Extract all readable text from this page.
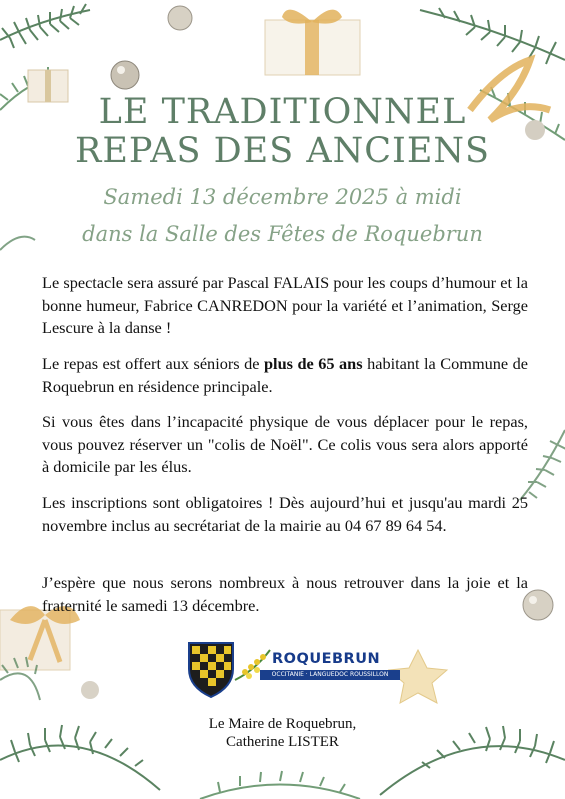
LE TRADITIONNEL
REPAS DES ANCIENS
Samedi 13 décembre 2025 à midi
dans la Salle des Fêtes de Roquebrun
Le spectacle sera assuré par Pascal FALAIS pour les coups d’humour et la bonne humeur, Fabrice CANREDON pour la variété et l’animation, Serge Lescure à la danse !
Le repas est offert aux séniors de plus de 65 ans habitant la Commune de Roquebrun en résidence principale.
Si vous êtes dans l’incapacité physique de vous déplacer pour le repas, vous pouvez réserver un "colis de Noël". Ce colis vous sera alors apporté à domicile par les élus.
Les inscriptions sont obligatoires ! Dès aujourd’hui et jusqu'au mardi 25 novembre inclus au secrétariat de la mairie au 04 67 89 64 54.
J’espère que nous serons nombreux à nous retrouver dans la joie et la fraternité le samedi 13 décembre.
ROQUEBRUN
OCCITANIE · LANGUEDOC ROUSSILLON
Le Maire de Roquebrun,
Catherine LISTER
